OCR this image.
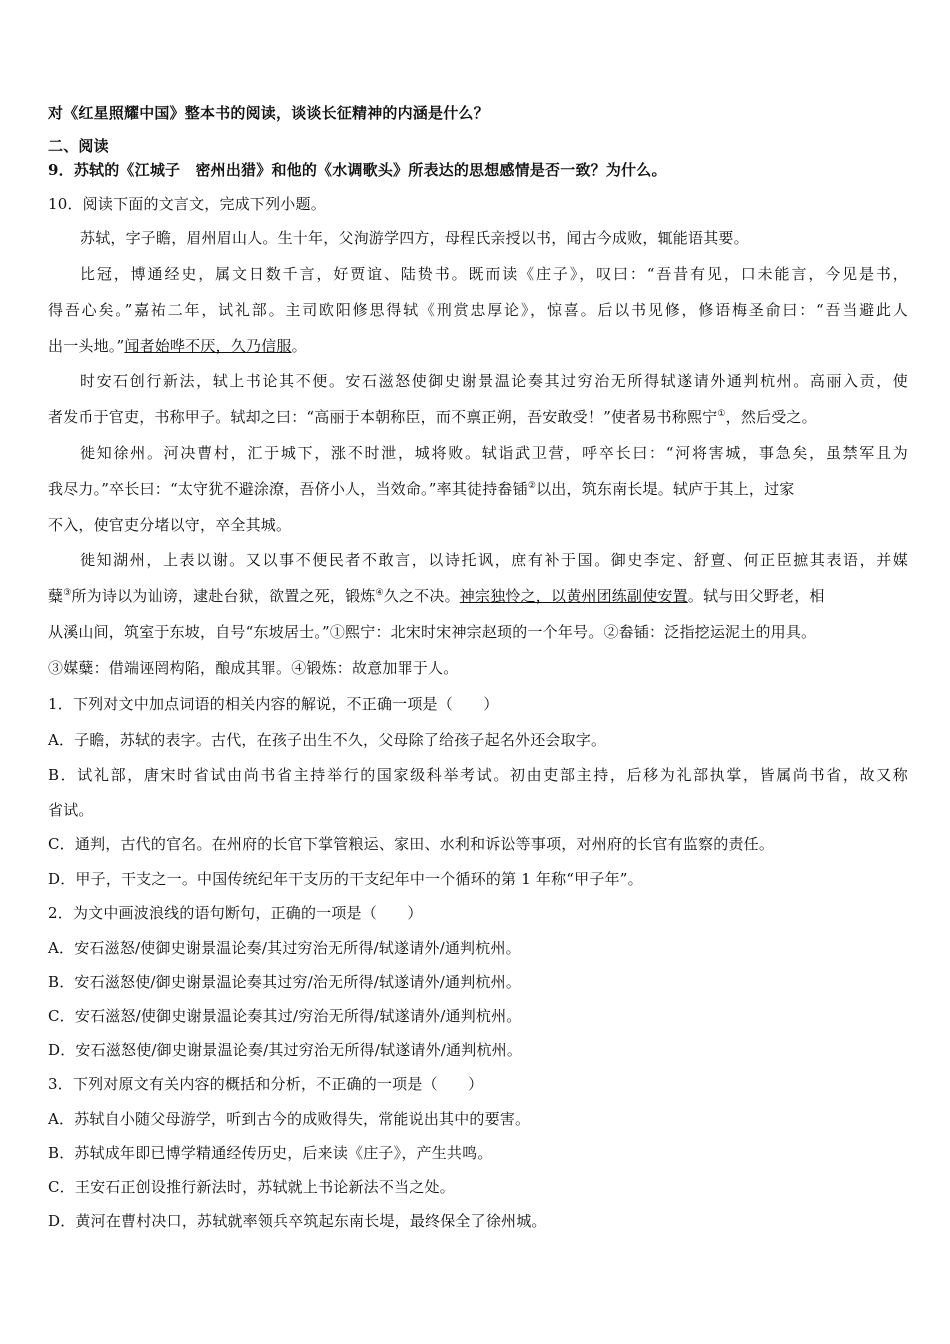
对《红星照耀中国》整本书的阅读，谈谈长征精神的内涵是什么？
二、阅读
9．苏轼的《江城子　密州出猎》和他的《水调歌头》所表达的思想感情是否一致？为什么。
10．阅读下面的文言文，完成下列小题。
苏轼，字子瞻，眉州眉山人。生十年，父洵游学四方，母程氏亲授以书，闻古今成败，辄能语其要。
比冠，博通经史，属文日数千言，好贾谊、陆贽书。既而读《庄子》，叹曰：“吾昔有见，口未能言，今见是书，
得吾心矣。”嘉祐二年，试礼部。主司欧阳修思得轼《刑赏忠厚论》，惊喜。后以书见修，修语梅圣俞曰：“吾当避此人
出一头地。”闻者始哗不厌，久乃信服。
时安石创行新法，轼上书论其不便。安石滋怒使御史谢景温论奏其过穷治无所得轼遂请外通判杭州。高丽入贡，使
者发币于官吏，书称甲子。轼却之曰：“高丽于本朝称臣，而不禀正朔，吾安敢受！”使者易书称熙宁①，然后受之。
徙知徐州。河决曹村，汇于城下，涨不时泄，城将败。轼诣武卫营，呼卒长曰：“河将害城，事急矣，虽禁军且为
我尽力。”卒长曰：“太守犹不避涂潦，吾侪小人，当效命。”率其徒持畚锸②以出，筑东南长堤。轼庐于其上，过家
不入，使官吏分堵以守，卒全其城。
徙知湖州，上表以谢。又以事不便民者不敢言，以诗托讽，庶有补于国。御史李定、舒亶、何正臣摭其表语，并媒
糵③所为诗以为讪谤，逮赴台狱，欲置之死，锻炼④久之不决。神宗独怜之，以黄州团练副使安置。轼与田父野老，相
从溪山间，筑室于东坡，自号“东坡居士。”①熙宁：北宋时宋神宗赵顼的一个年号。②畚锸：泛指挖运泥土的用具。
③媒糵：借端诬罔构陷，酿成其罪。④锻炼：故意加罪于人。
1．下列对文中加点词语的相关内容的解说，不正确一项是（　　）
A．子瞻，苏轼的表字。古代，在孩子出生不久，父母除了给孩子起名外还会取字。
B．试礼部，唐宋时省试由尚书省主持举行的国家级科举考试。初由吏部主持，后移为礼部执掌，皆属尚书省，故又称
省试。
C．通判，古代的官名。在州府的长官下掌管粮运、家田、水利和诉讼等事项，对州府的长官有监察的责任。
D．甲子，干支之一。中国传统纪年干支历的干支纪年中一个循环的第 1 年称“甲子年”。
2．为文中画波浪线的语句断句，正确的一项是（　　）
A．安石滋怒/使御史谢景温论奏/其过穷治无所得/轼遂请外/通判杭州。
B．安石滋怒使/御史谢景温论奏其过穷/治无所得/轼遂请外/通判杭州。
C．安石滋怒/使御史谢景温论奏其过/穷治无所得/轼遂请外/通判杭州。
D．安石滋怒使/御史谢景温论奏/其过穷治无所得/轼遂请外/通判杭州。
3．下列对原文有关内容的概括和分析，不正确的一项是（　　）
A．苏轼自小随父母游学，听到古今的成败得失，常能说出其中的要害。
B．苏轼成年即已博学精通经传历史，后来读《庄子》，产生共鸣。
C．王安石正创设推行新法时，苏轼就上书论新法不当之处。
D．黄河在曹村决口，苏轼就率领兵卒筑起东南长堤，最终保全了徐州城。
